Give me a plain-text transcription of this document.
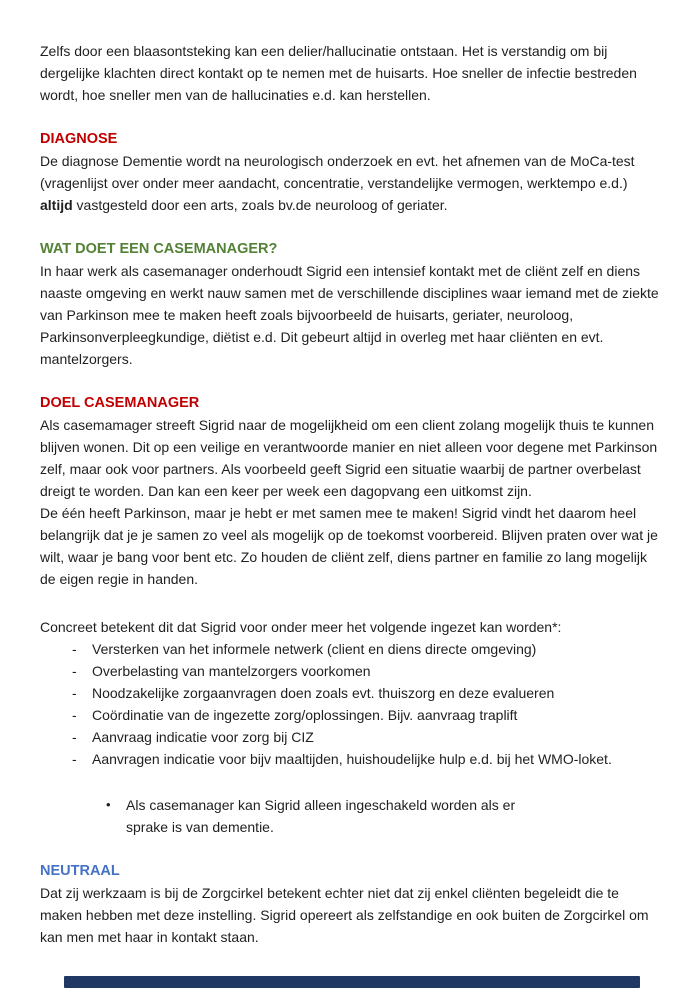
Zelfs door een blaasontsteking kan een delier/hallucinatie ontstaan. Het is verstandig om bij dergelijke klachten direct kontakt op te nemen met de huisarts. Hoe sneller de infectie bestreden wordt, hoe sneller men van de hallucinaties e.d. kan herstellen.

DIAGNOSE

De diagnose Dementie wordt na neurologisch onderzoek en evt. het afnemen van de MoCa-test (vragenlijst over onder meer aandacht, concentratie, verstandelijke vermogen, werktempo e.d.) altijd vastgesteld door een arts, zoals bv.de neuroloog of geriater.

WAT DOET EEN CASEMANAGER?

In haar werk als casemanager onderhoudt Sigrid een intensief kontakt met de cliënt zelf en diens naaste omgeving en werkt nauw samen met de verschillende disciplines waar iemand met de ziekte van Parkinson mee te maken heeft zoals bijvoorbeeld de huisarts, geriater, neuroloog, Parkinsonverpleegkundige, diëtist e.d. Dit gebeurt altijd in overleg met haar cliënten en evt. mantelzorgers.

DOEL CASEMANAGER

Als casemamager streeft Sigrid naar de mogelijkheid om een client zolang mogelijk thuis te kunnen blijven wonen. Dit op een veilige en verantwoorde manier en niet alleen voor degene met Parkinson zelf, maar ook voor partners. Als voorbeeld geeft Sigrid een situatie waarbij de partner overbelast dreigt te worden. Dan kan een keer per week een dagopvang een uitkomst zijn.

De één heeft Parkinson, maar je hebt er met samen mee te maken! Sigrid vindt het daarom heel belangrijk dat je je samen zo veel als mogelijk op de toekomst voorbereid. Blijven praten over wat je wilt, waar je bang voor bent etc. Zo houden de cliënt zelf, diens partner en familie zo lang mogelijk de eigen regie in handen.

Concreet betekent dit dat Sigrid voor onder meer het volgende ingezet kan worden*:

-	Versterken van het informele netwerk (client en diens directe omgeving)
-	Overbelasting van mantelzorgers voorkomen
-	Noodzakelijke zorgaanvragen doen zoals evt. thuiszorg en deze evalueren
-	Coördinatie van de ingezette zorg/oplossingen. Bijv. aanvraag traplift
-	Aanvraag indicatie voor zorg bij CIZ
-	Aanvragen indicatie voor bijv maaltijden, huishoudelijke hulp e.d. bij het WMO-loket.
•	Als casemanager kan Sigrid alleen ingeschakeld worden als er sprake is van dementie.
NEUTRAAL

Dat zij werkzaam is bij de Zorgcirkel betekent echter niet dat zij enkel cliënten begeleidt die te maken hebben met deze instelling. Sigrid opereert als zelfstandige en ook buiten de Zorgcirkel om kan men met haar in kontakt staan.
